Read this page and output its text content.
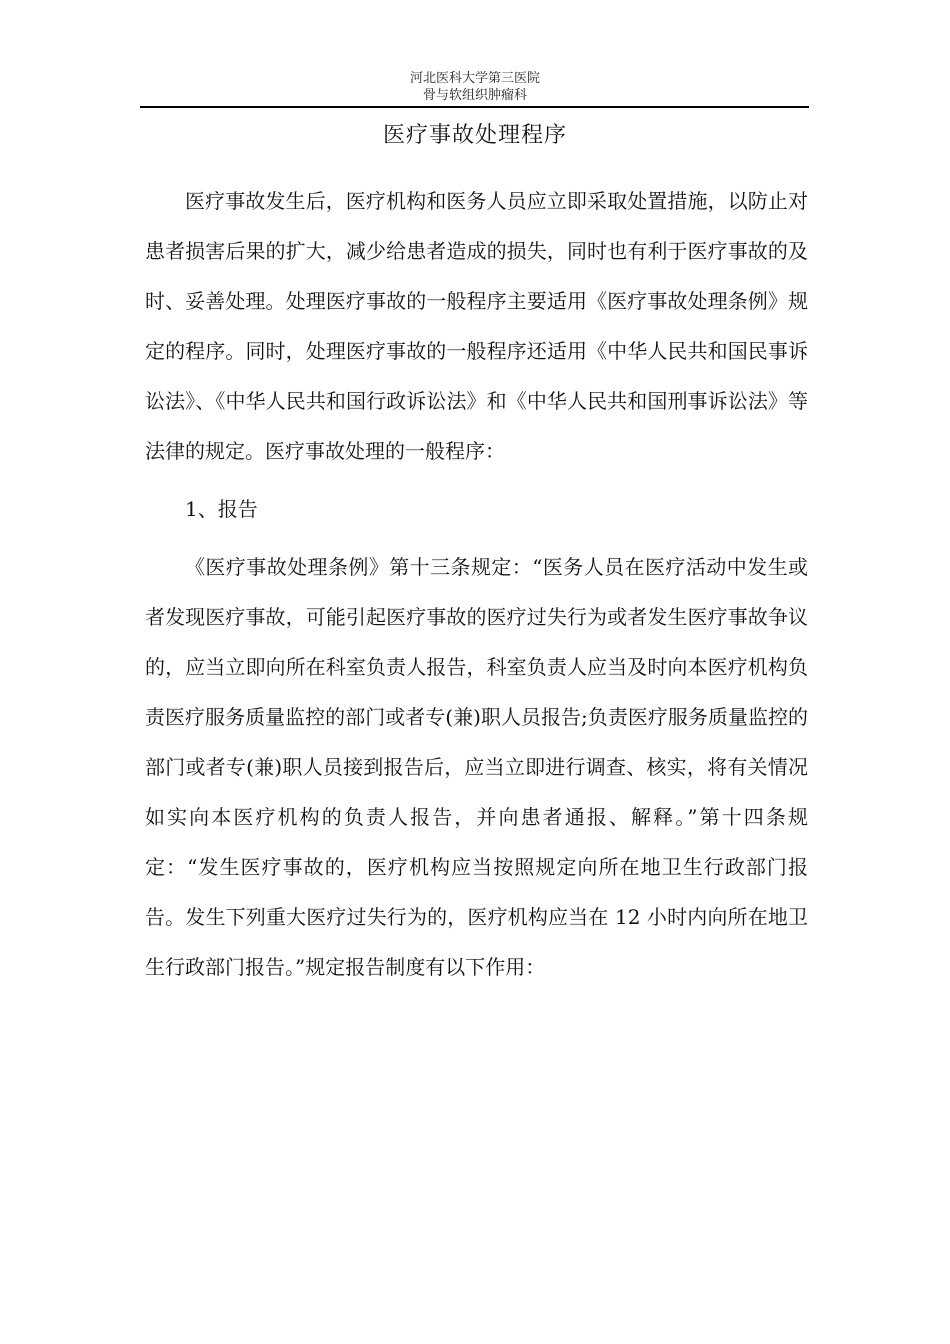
河北医科大学第三医院
骨与软组织肿瘤科
医疗事故处理程序

医疗事故发生后，医疗机构和医务人员应立即采取处置措施，以防止对患者损害后果的扩大，减少给患者造成的损失，同时也有利于医疗事故的及时、妥善处理。处理医疗事故的一般程序主要适用《医疗事故处理条例》规定的程序。同时，处理医疗事故的一般程序还适用《中华人民共和国民事诉讼法》、《中华人民共和国行政诉讼法》和《中华人民共和国刑事诉讼法》等法律的规定。医疗事故处理的一般程序：

1、报告

《医疗事故处理条例》第十三条规定：“医务人员在医疗活动中发生或者发现医疗事故，可能引起医疗事故的医疗过失行为或者发生医疗事故争议的，应当立即向所在科室负责人报告，科室负责人应当及时向本医疗机构负责医疗服务质量监控的部门或者专(兼)职人员报告;负责医疗服务质量监控的部门或者专(兼)职人员接到报告后，应当立即进行调查、核实，将有关情况如实向本医疗机构的负责人报告，并向患者通报、解释。”第十四条规定：“发生医疗事故的，医疗机构应当按照规定向所在地卫生行政部门报告。发生下列重大医疗过失行为的，医疗机构应当在 12 小时内向所在地卫生行政部门报告。”规定报告制度有以下作用：
